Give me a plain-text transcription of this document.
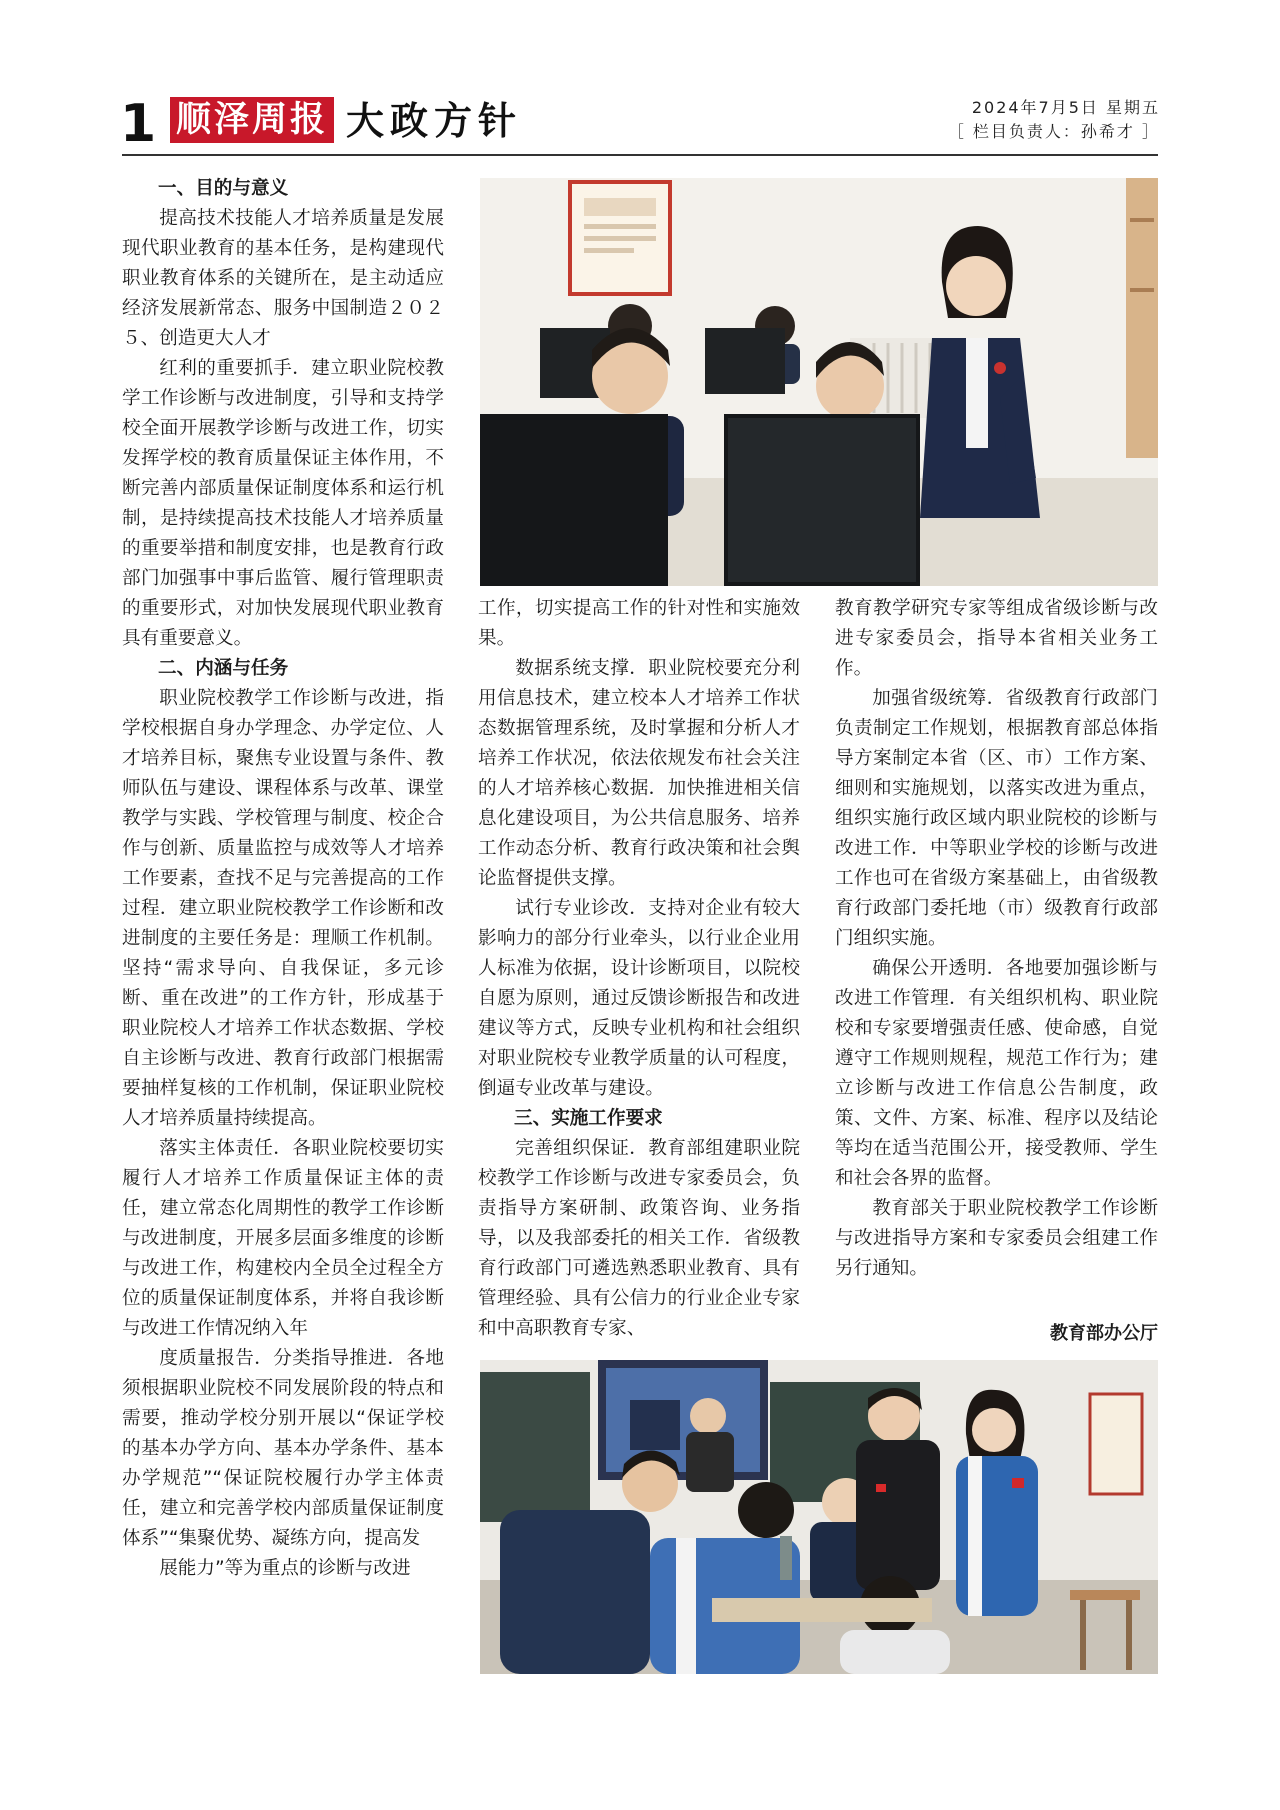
1 顺泽周报 大政方针	2024年7月5日 星期五
［ 栏目负责人：孙希才 ］
一、目的与意义

提高技术技能人才培养质量是发展现代职业教育的基本任务，是构建现代职业教育体系的关键所在，是主动适应经济发展新常态、服务中国制造２０２５、创造更大人才

红利的重要抓手．建立职业院校教学工作诊断与改进制度，引导和支持学校全面开展教学诊断与改进工作，切实发挥学校的教育质量保证主体作用，不断完善内部质量保证制度体系和运行机制，是持续提高技术技能人才培养质量的重要举措和制度安排，也是教育行政部门加强事中事后监管、履行管理职责的重要形式，对加快发展现代职业教育具有重要意义。

二、内涵与任务

职业院校教学工作诊断与改进，指学校根据自身办学理念、办学定位、人才培养目标，聚焦专业设置与条件、教师队伍与建设、课程体系与改革、课堂教学与实践、学校管理与制度、校企合作与创新、质量监控与成效等人才培养工作要素，查找不足与完善提高的工作过程．建立职业院校教学工作诊断和改进制度的主要任务是：理顺工作机制。坚持“需求导向、自我保证，多元诊断、重在改进”的工作方针，形成基于职业院校人才培养工作状态数据、学校自主诊断与改进、教育行政部门根据需要抽样复核的工作机制，保证职业院校人才培养质量持续提高。

落实主体责任．各职业院校要切实履行人才培养工作质量保证主体的责任，建立常态化周期性的教学工作诊断与改进制度，开展多层面多维度的诊断与改进工作，构建校内全员全过程全方位的质量保证制度体系，并将自我诊断与改进工作情况纳入年

度质量报告．分类指导推进．各地须根据职业院校不同发展阶段的特点和需要，推动学校分别开展以“保证学校的基本办学方向、基本办学条件、基本办学规范”“保证院校履行办学主体责任，建立和完善学校内部质量保证制度体系”“集聚优势、凝练方向，提高发

展能力”等为重点的诊断与改进

工作，切实提高工作的针对性和实施效果。

数据系统支撑．职业院校要充分利用信息技术，建立校本人才培养工作状态数据管理系统，及时掌握和分析人才培养工作状况，依法依规发布社会关注的人才培养核心数据．加快推进相关信息化建设项目，为公共信息服务、培养工作动态分析、教育行政决策和社会舆论监督提供支撑。

试行专业诊改．支持对企业有较大影响力的部分行业牵头，以行业企业用人标准为依据，设计诊断项目，以院校自愿为原则，通过反馈诊断报告和改进建议等方式，反映专业机构和社会组织对职业院校专业教学质量的认可程度，倒逼专业改革与建设。

三、实施工作要求

完善组织保证．教育部组建职业院校教学工作诊断与改进专家委员会，负责指导方案研制、政策咨询、业务指导，以及我部委托的相关工作．省级教育行政部门可遴选熟悉职业教育、具有管理经验、具有公信力的行业企业专家和中高职教育专家、

教育教学研究专家等组成省级诊断与改进专家委员会，指导本省相关业务工作。

加强省级统筹．省级教育行政部门负责制定工作规划，根据教育部总体指导方案制定本省（区、市）工作方案、细则和实施规划，以落实改进为重点，组织实施行政区域内职业院校的诊断与改进工作．中等职业学校的诊断与改进工作也可在省级方案基础上，由省级教育行政部门委托地（市）级教育行政部门组织实施。

确保公开透明．各地要加强诊断与改进工作管理．有关组织机构、职业院校和专家要增强责任感、使命感，自觉遵守工作规则规程，规范工作行为；建立诊断与改进工作信息公告制度，政策、文件、方案、标准、程序以及结论等均在适当范围公开，接受教师、学生和社会各界的监督。

教育部关于职业院校教学工作诊断与改进指导方案和专家委员会组建工作另行通知。

教育部办公厅
